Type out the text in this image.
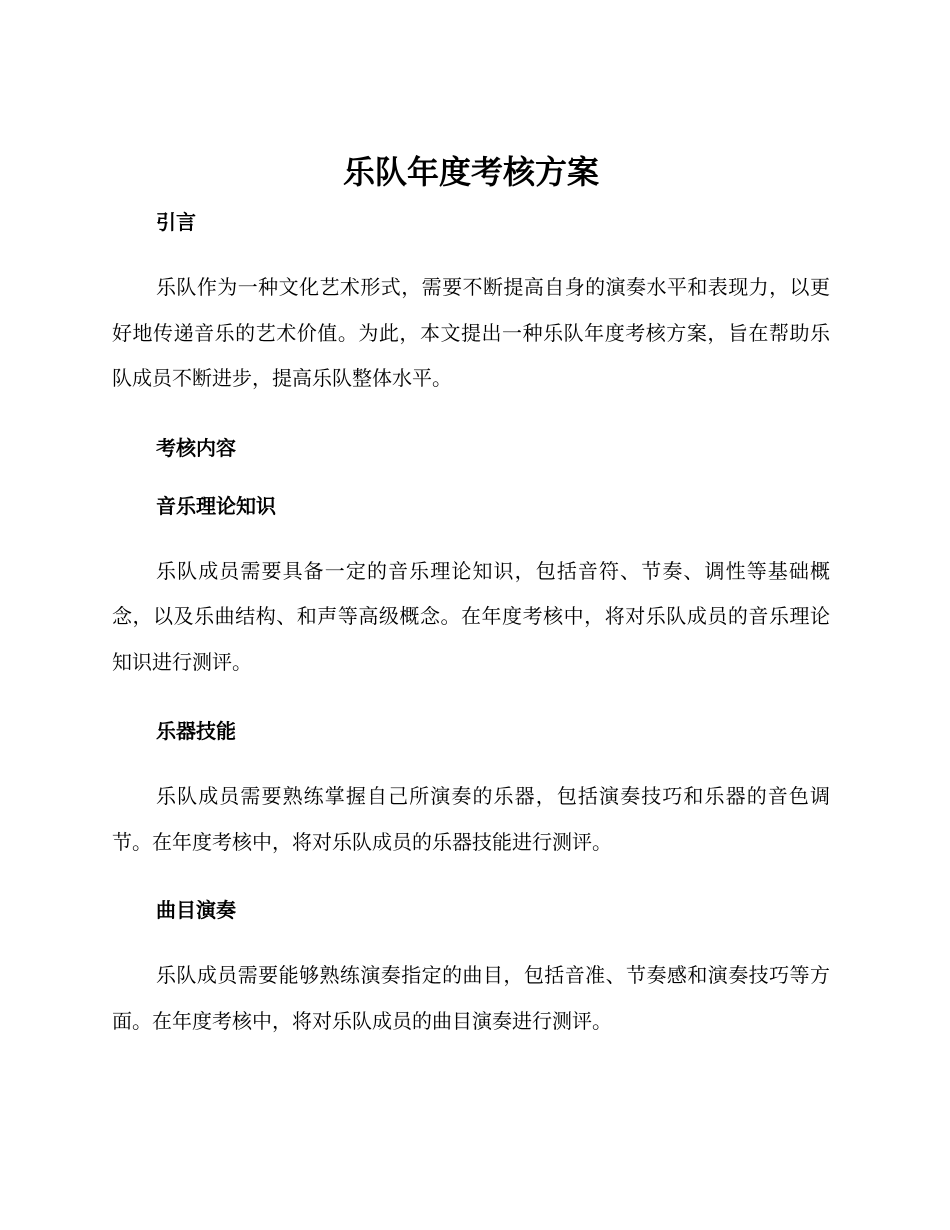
乐队年度考核方案

引言

乐队作为一种文化艺术形式，需要不断提高自身的演奏水平和表现力，以更好地传递音乐的艺术价值。为此，本文提出一种乐队年度考核方案，旨在帮助乐队成员不断进步，提高乐队整体水平。

考核内容

音乐理论知识

乐队成员需要具备一定的音乐理论知识，包括音符、节奏、调性等基础概念，以及乐曲结构、和声等高级概念。在年度考核中，将对乐队成员的音乐理论知识进行测评。

乐器技能

乐队成员需要熟练掌握自己所演奏的乐器，包括演奏技巧和乐器的音色调节。在年度考核中，将对乐队成员的乐器技能进行测评。

曲目演奏

乐队成员需要能够熟练演奏指定的曲目，包括音准、节奏感和演奏技巧等方面。在年度考核中，将对乐队成员的曲目演奏进行测评。
